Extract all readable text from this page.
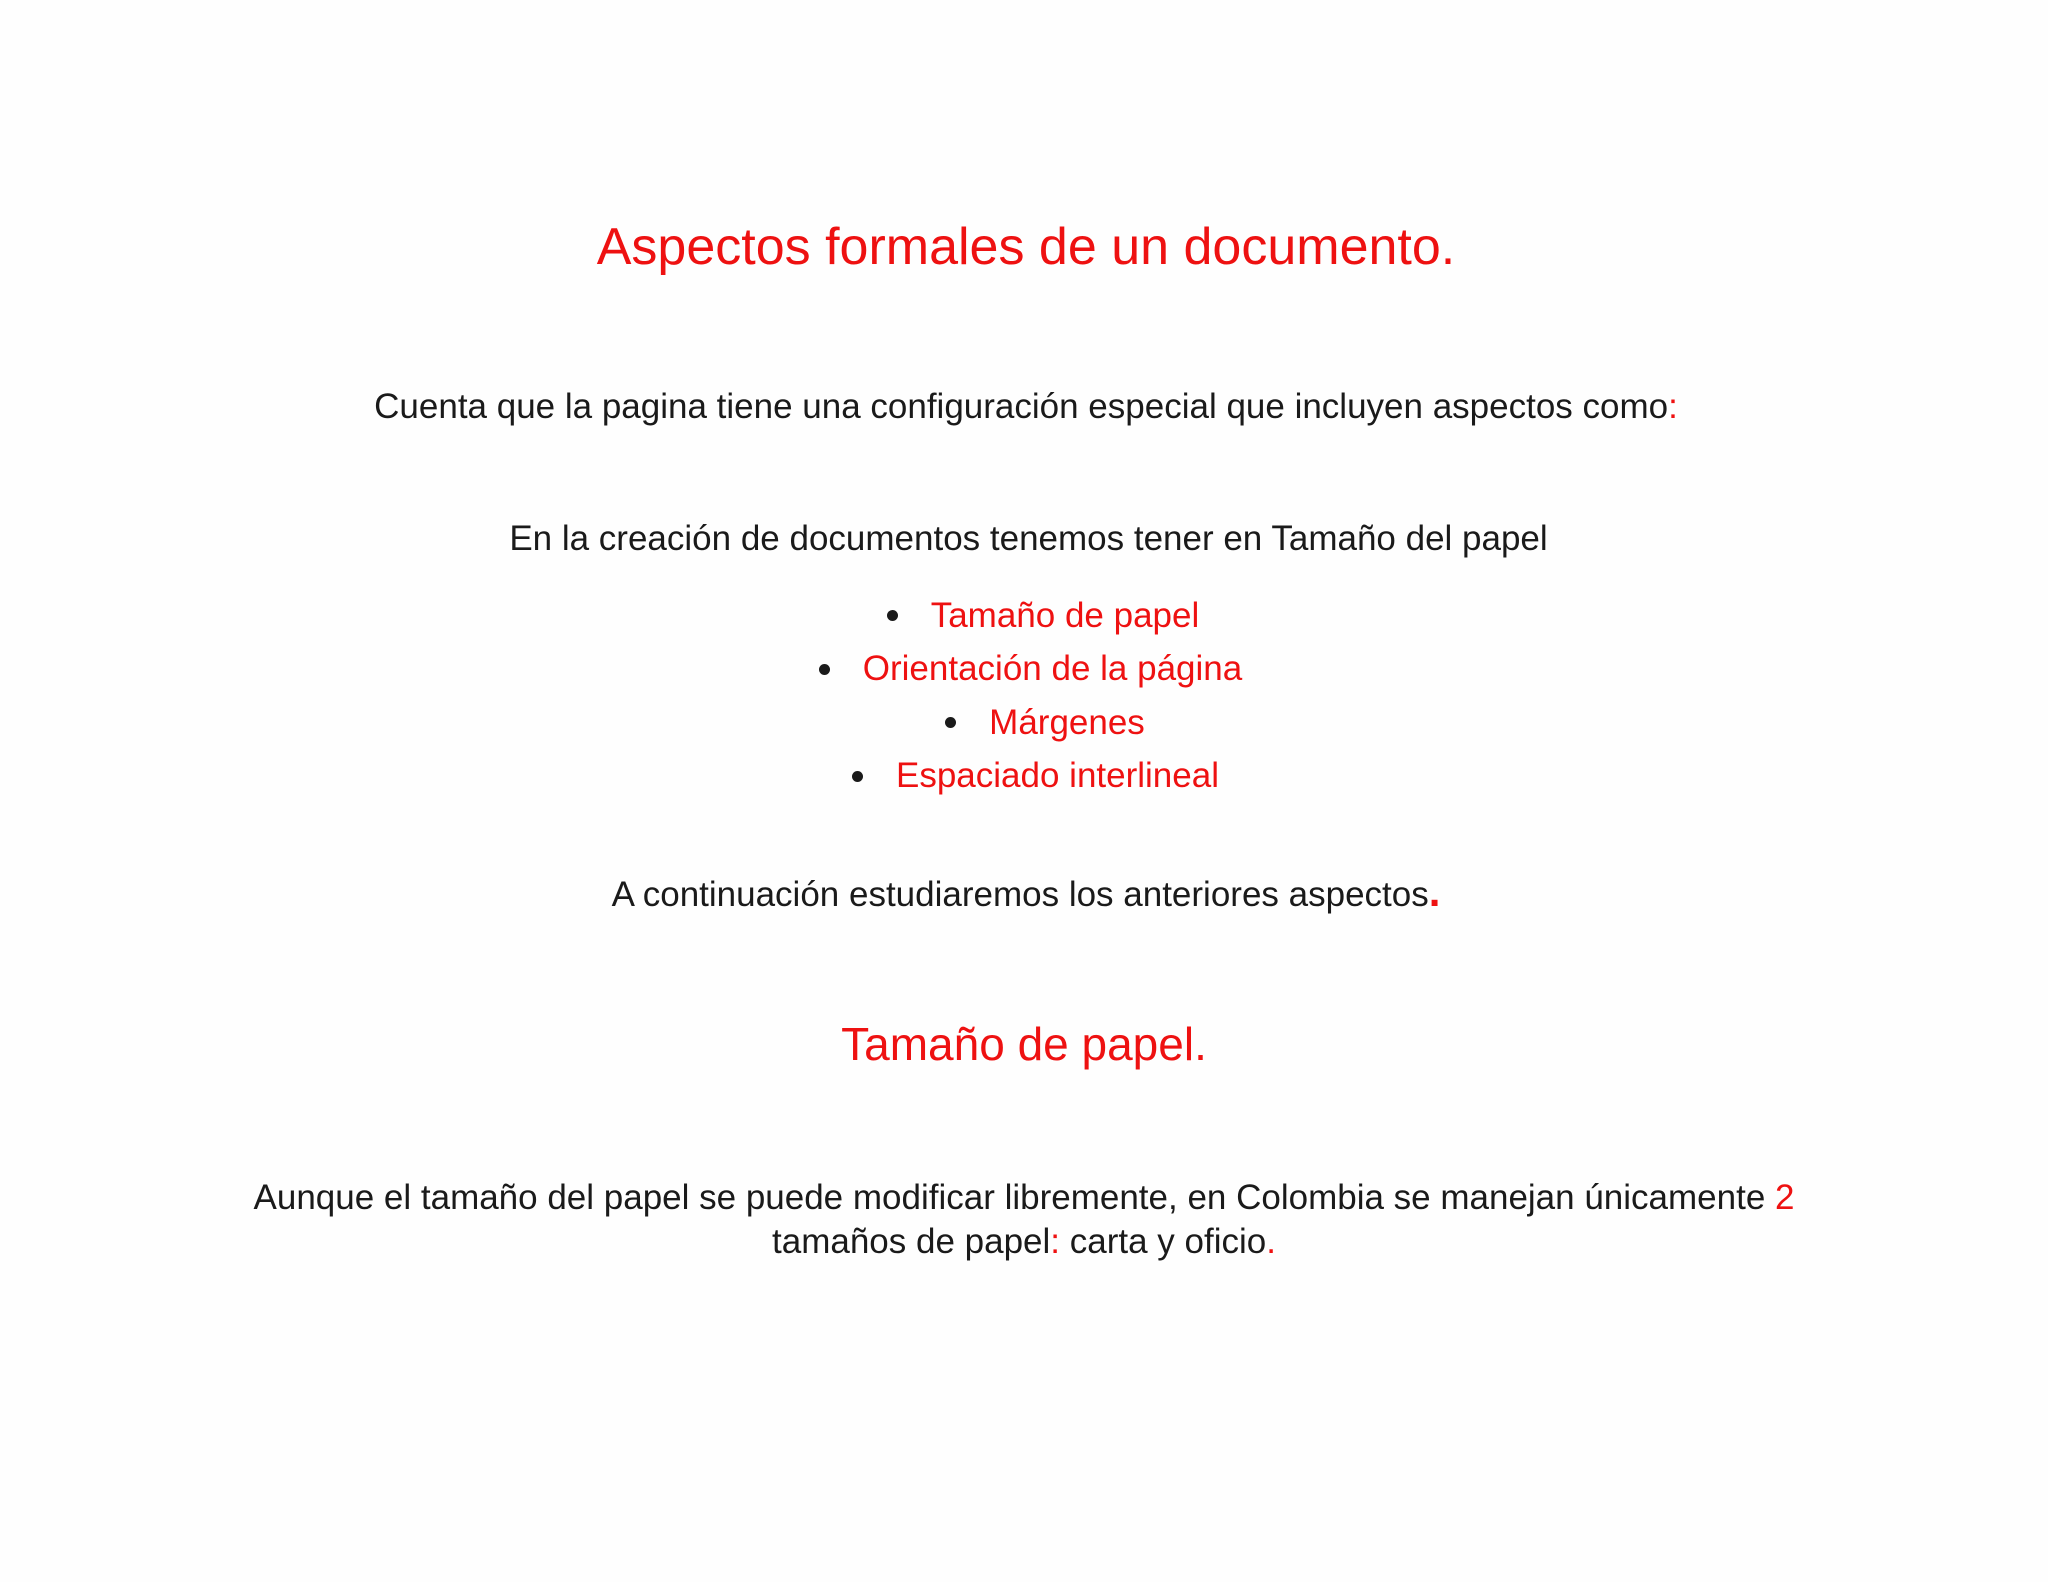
Aspectos formales de un documento.
Cuenta que la pagina tiene una configuración especial que incluyen aspectos como:
En la creación de documentos tenemos tener en Tamaño del papel
Tamaño de papel
Orientación de la página
Márgenes
Espaciado interlineal
A continuación estudiaremos los anteriores aspectos.
Tamaño de papel.
Aunque el tamaño del papel se puede modificar libremente, en Colombia se manejan únicamente 2
tamaños de papel: carta y oficio.
